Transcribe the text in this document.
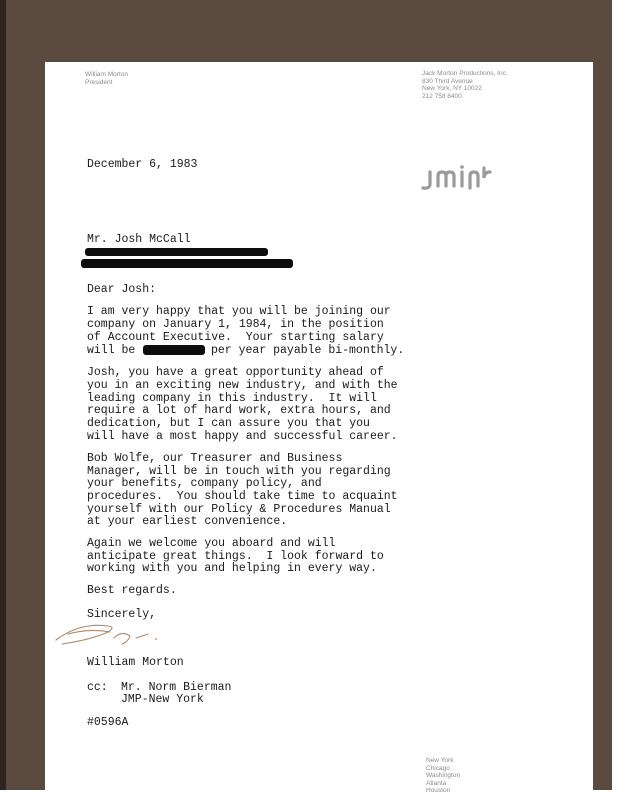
William Morton
President
Jack Morton Productions, Inc.
830 Third Avenue
New York, NY 10022
212 758 8400
December 6, 1983
Mr. Josh McCall
Dear Josh:
I am very happy that you will be joining our
company on January 1, 1984, in the position
of Account Executive.  Your starting salary
will be	per year payable bi-monthly.
Josh, you have a great opportunity ahead of
you in an exciting new industry, and with the
leading company in this industry.  It will
require a lot of hard work, extra hours, and
dedication, but I can assure you that you
will have a most happy and successful career.
Bob Wolfe, our Treasurer and Business
Manager, will be in touch with you regarding
your benefits, company policy, and
procedures.  You should take time to acquaint
yourself with our Policy & Procedures Manual
at your earliest convenience.
Again we welcome you aboard and will
anticipate great things.  I look forward to
working with you and helping in every way.
Best regards.
Sincerely,
William Morton
cc: Mr. Norm Bierman
JMP-New York
#0596A
New York
Chicago
Washington
Atlanta
Houston
